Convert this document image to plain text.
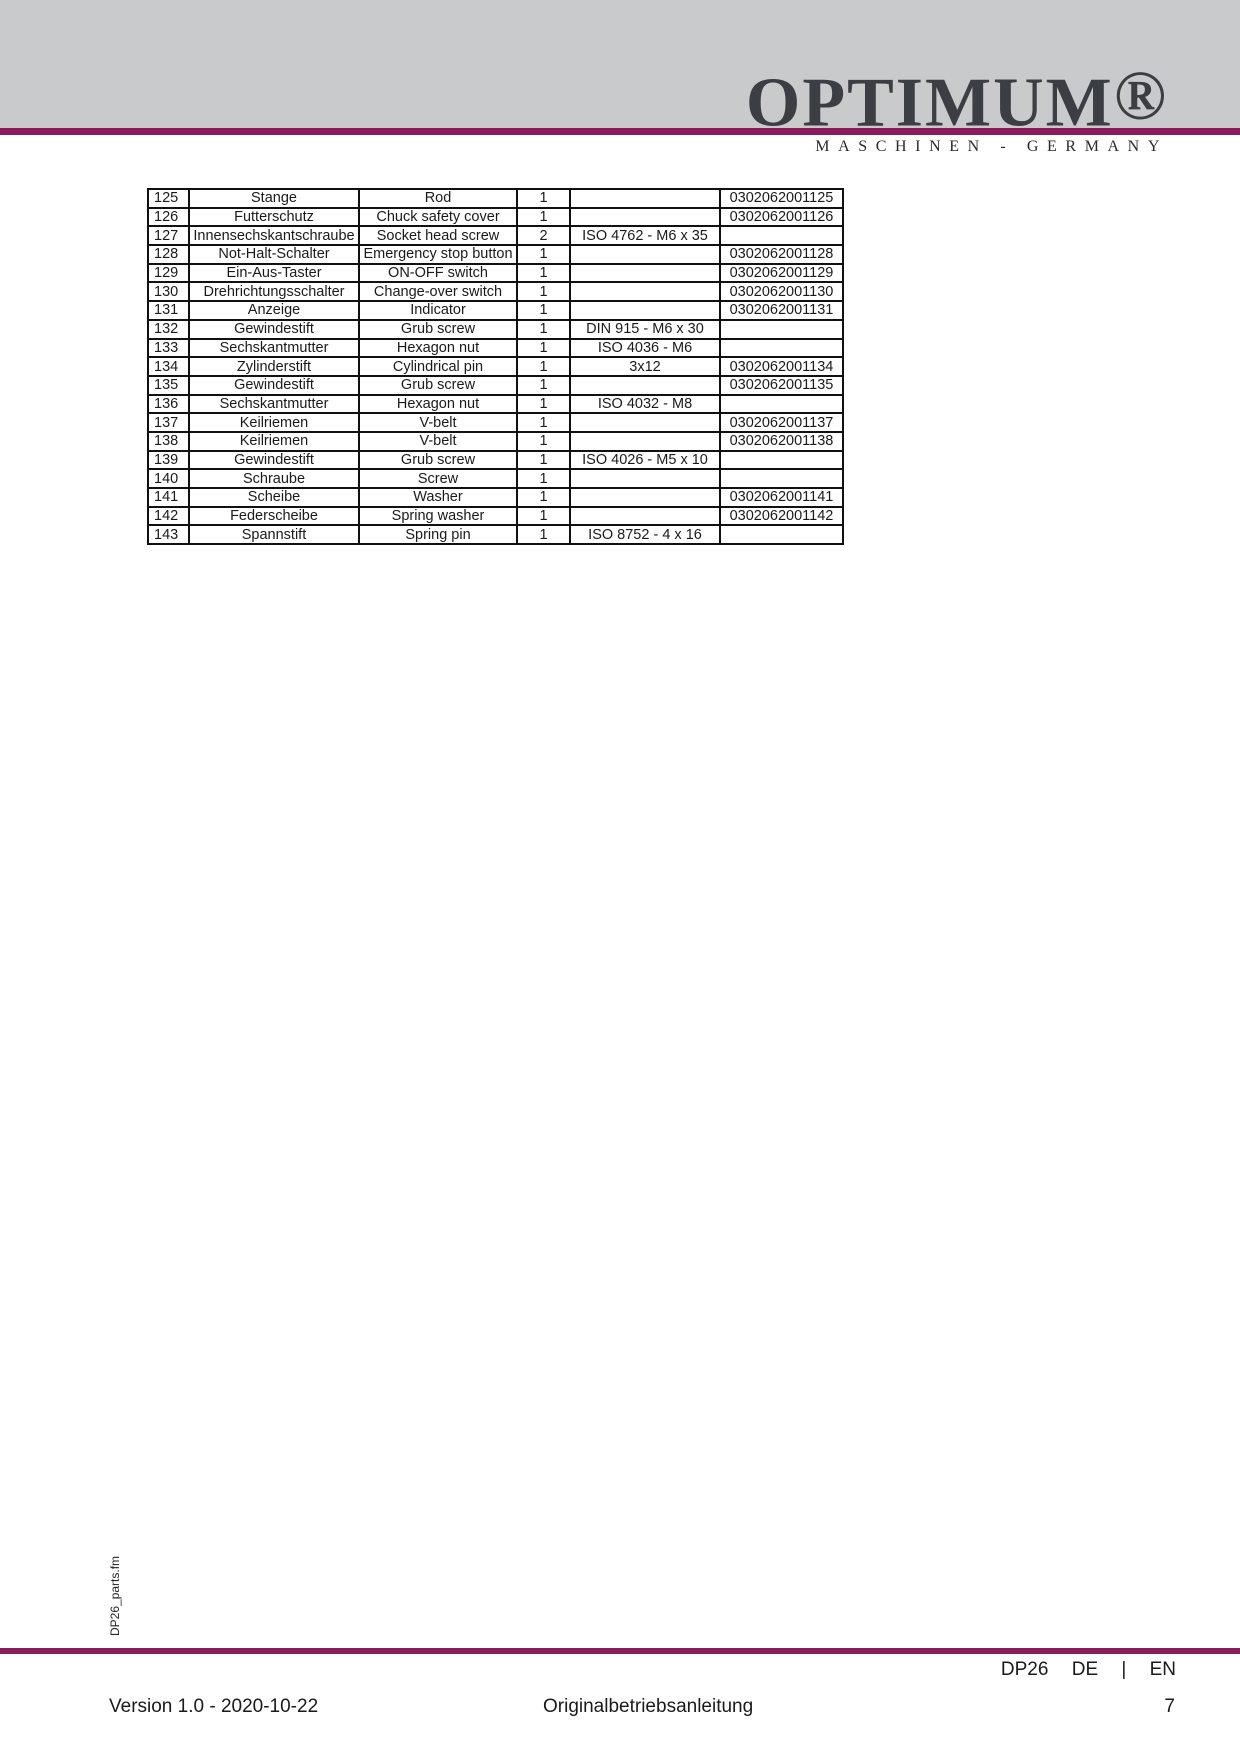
OPTIMUM®
MASCHINEN - GERMANY
125	Stange	Rod	1		0302062001125
126	Futterschutz	Chuck safety cover	1		0302062001126
127	Innensechskantschraube	Socket head screw	2	ISO 4762 - M6 x 35	
128	Not-Halt-Schalter	Emergency stop button	1		0302062001128
129	Ein-Aus-Taster	ON-OFF switch	1		0302062001129
130	Drehrichtungsschalter	Change-over switch	1		0302062001130
131	Anzeige	Indicator	1		0302062001131
132	Gewindestift	Grub screw	1	DIN 915 - M6 x 30	
133	Sechskantmutter	Hexagon nut	1	ISO 4036 - M6	
134	Zylinderstift	Cylindrical pin	1	3x12	0302062001134
135	Gewindestift	Grub screw	1		0302062001135
136	Sechskantmutter	Hexagon nut	1	ISO 4032 - M8	
137	Keilriemen	V-belt	1		0302062001137
138	Keilriemen	V-belt	1		0302062001138
139	Gewindestift	Grub screw	1	ISO 4026 - M5 x 10	
140	Schraube	Screw	1		
141	Scheibe	Washer	1		0302062001141
142	Federscheibe	Spring washer	1		0302062001142
143	Spannstift	Spring pin	1	ISO 8752 - 4 x 16	
DP26_parts.fm
DP26 DE | EN
Version 1.0 - 2020-10-22	Originalbetriebsanleitung	7
